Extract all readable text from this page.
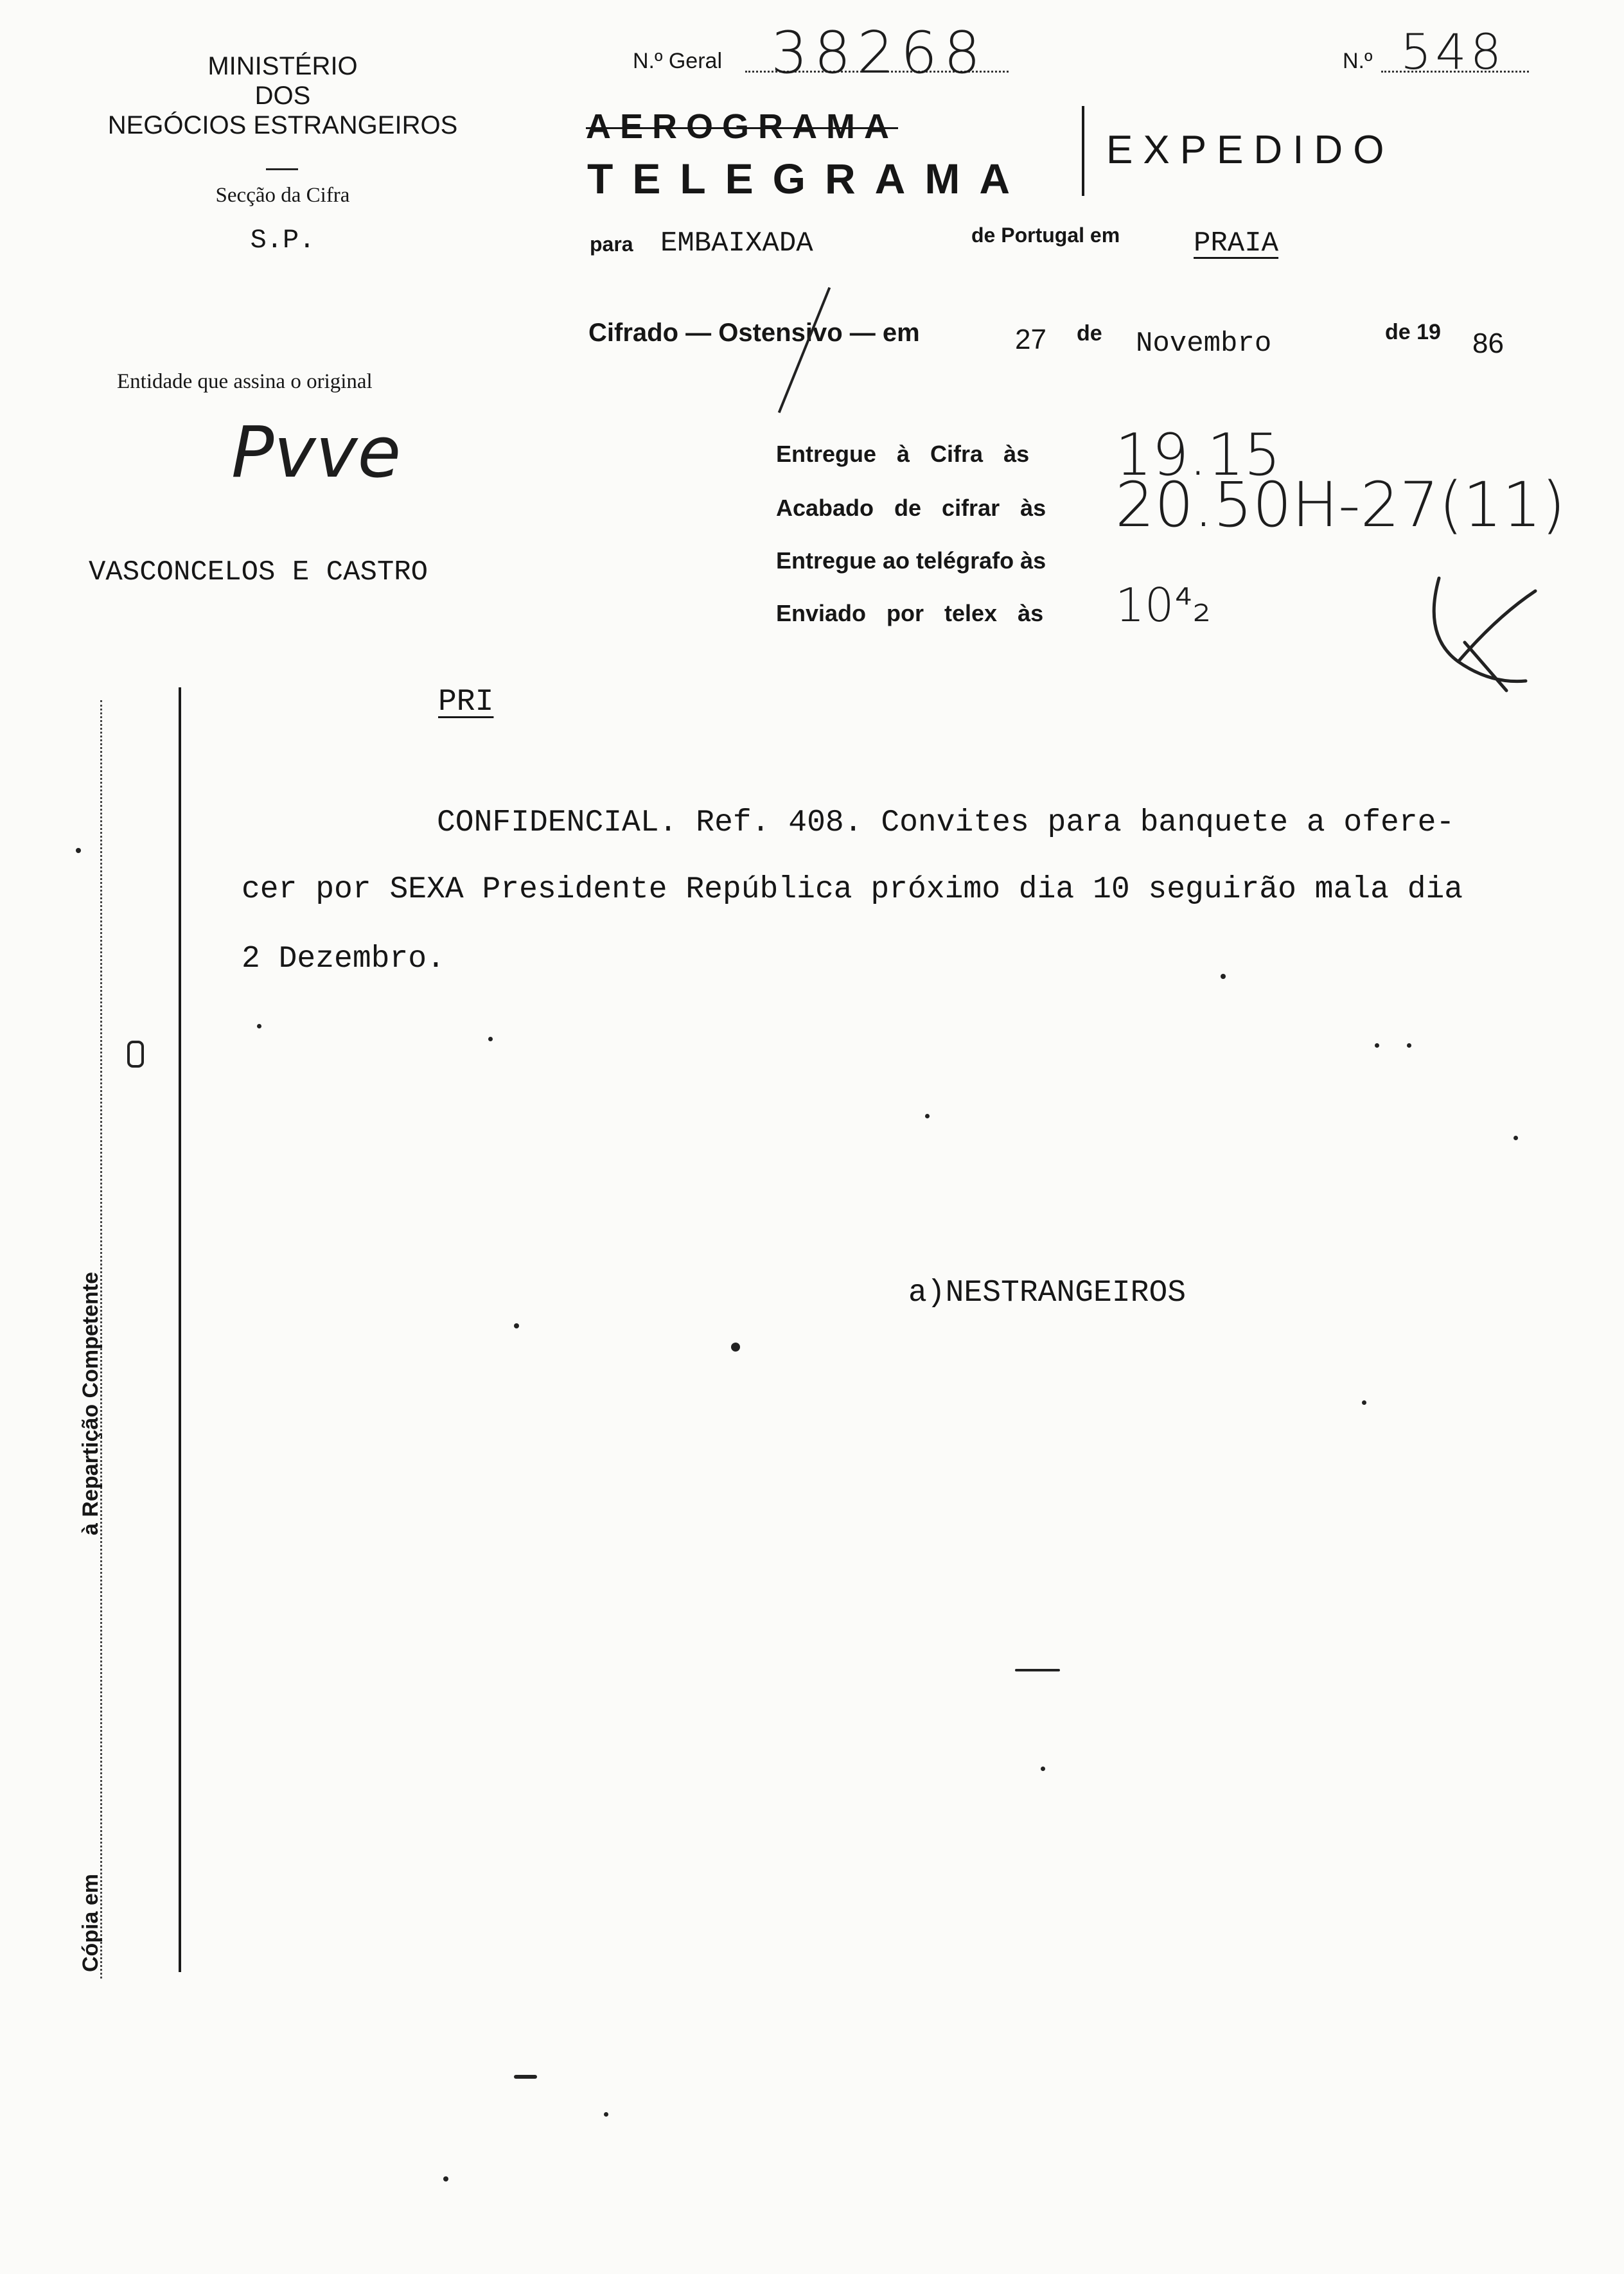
MINISTÉRIO
DOS
NEGÓCIOS ESTRANGEIROS
Secção da Cifra
S.P.
N.º Geral 38268	N.º 548
AEROGRAMA
TELEGRAMA
EXPEDIDO
para EMBAIXADA	de Portugal em	PRAIA
Cifrado — Ostensivo — em	27 de Novembro	de 19 86
Entidade que assina o original
Pvve
VASCONCELOS E CASTRO
Entregue à Cifra às 19.15
Acabado de cifrar às 20.50H-27(11)
Entregue ao telégrafo às
Enviado por telex às 10⁴₂
Cópia em
à Repartição Competente
PRI
CONFIDENCIAL. Ref. 408. Convites para banquete a ofere-
cer por SEXA Presidente República próximo dia 10 seguirão mala dia
2 Dezembro.
a)NESTRANGEIROS
